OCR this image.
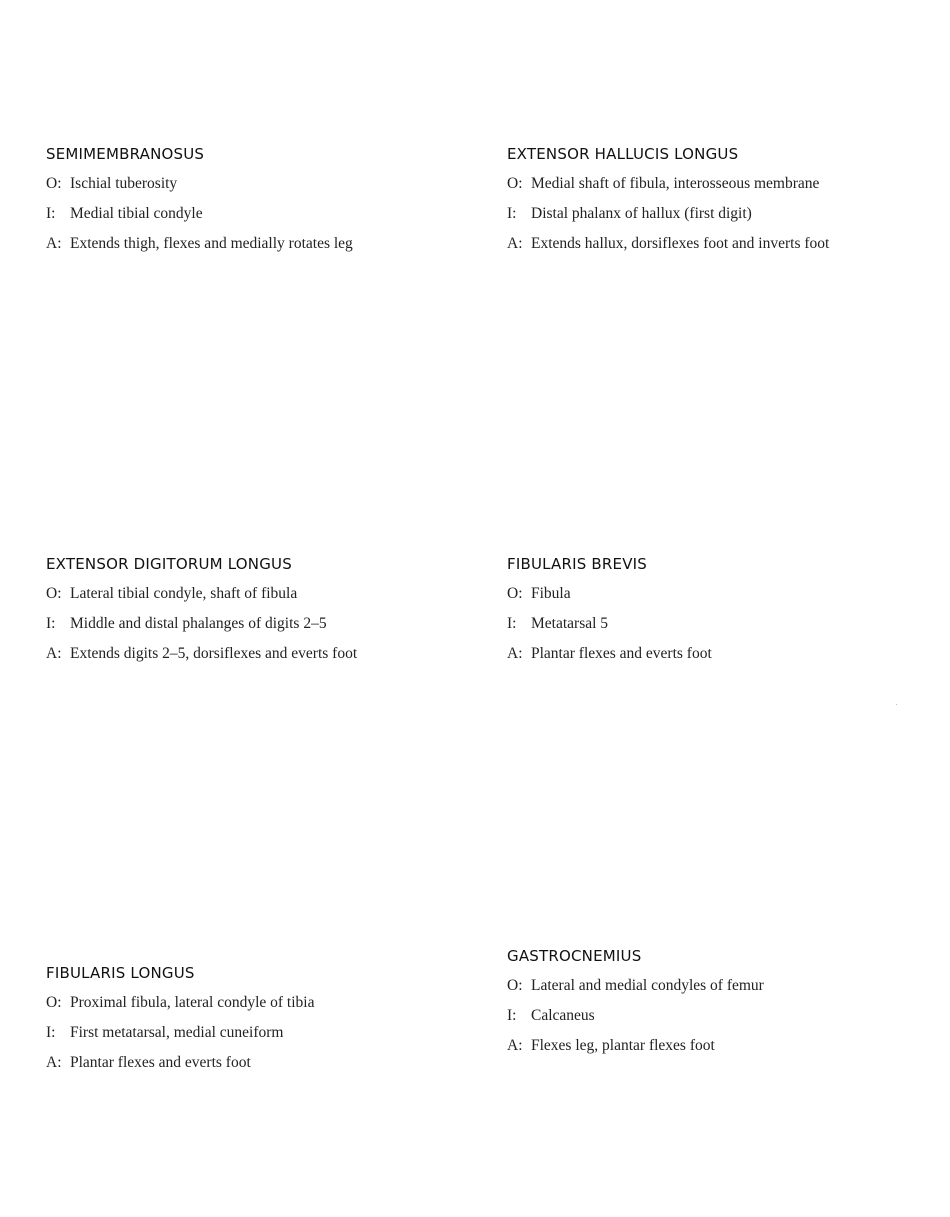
SEMIMEMBRANOSUS
O: Ischial tuberosity
I: Medial tibial condyle
A: Extends thigh, flexes and medially rotates leg
EXTENSOR HALLUCIS LONGUS
O: Medial shaft of fibula, interosseous membrane
I: Distal phalanx of hallux (first digit)
A: Extends hallux, dorsiflexes foot and inverts foot
EXTENSOR DIGITORUM LONGUS
O: Lateral tibial condyle, shaft of fibula
I: Middle and distal phalanges of digits 2–5
A: Extends digits 2–5, dorsiflexes and everts foot
FIBULARIS BREVIS
O: Fibula
I: Metatarsal 5
A: Plantar flexes and everts foot
FIBULARIS LONGUS
O: Proximal fibula, lateral condyle of tibia
I: First metatarsal, medial cuneiform
A: Plantar flexes and everts foot
GASTROCNEMIUS
O: Lateral and medial condyles of femur
I: Calcaneus
A: Flexes leg, plantar flexes foot
